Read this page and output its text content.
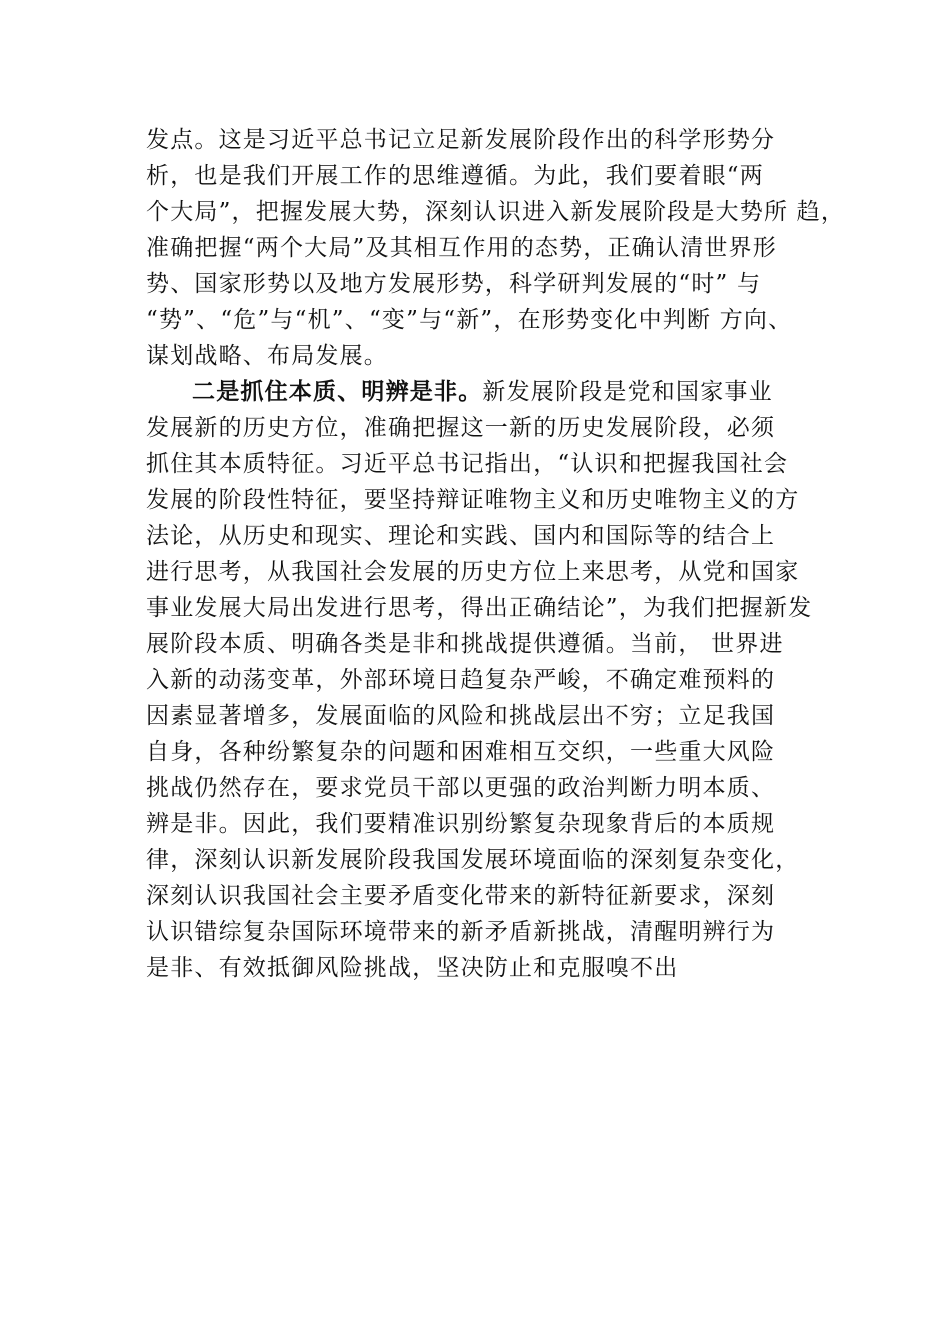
发点。这是习近平总书记立足新发展阶段作出的科学形势分
析，也是我们开展工作的思维遵循。为此，我们要着眼“两
个大局”，把握发展大势，深刻认识进入新发展阶段是大势所 趋，
准确把握“两个大局”及其相互作用的态势，正确认清世界形
势、国家形势以及地方发展形势，科学研判发展的“时” 与
“势”、“危”与“机”、“变”与“新”，在形势变化中判断 方向、
谋划战略、布局发展。
二是抓住本质、明辨是非。新发展阶段是党和国家事业
发展新的历史方位，准确把握这一新的历史发展阶段，必须
抓住其本质特征。习近平总书记指出，“认识和把握我国社会
发展的阶段性特征，要坚持辩证唯物主义和历史唯物主义的方
法论，从历史和现实、理论和实践、国内和国际等的结合上
进行思考，从我国社会发展的历史方位上来思考，从党和国家
事业发展大局出发进行思考，得出正确结论”，为我们把握新发
展阶段本质、明确各类是非和挑战提供遵循。当前， 世界进
入新的动荡变革，外部环境日趋复杂严峻，不确定难预料的
因素显著增多，发展面临的风险和挑战层出不穷；立足我国
自身，各种纷繁复杂的问题和困难相互交织，一些重大风险
挑战仍然存在，要求党员干部以更强的政治判断力明本质、
辨是非。因此，我们要精准识别纷繁复杂现象背后的本质规
律，深刻认识新发展阶段我国发展环境面临的深刻复杂变化，
深刻认识我国社会主要矛盾变化带来的新特征新要求，深刻
认识错综复杂国际环境带来的新矛盾新挑战，清醒明辨行为
是非、有效抵御风险挑战，坚决防止和克服嗅不出
